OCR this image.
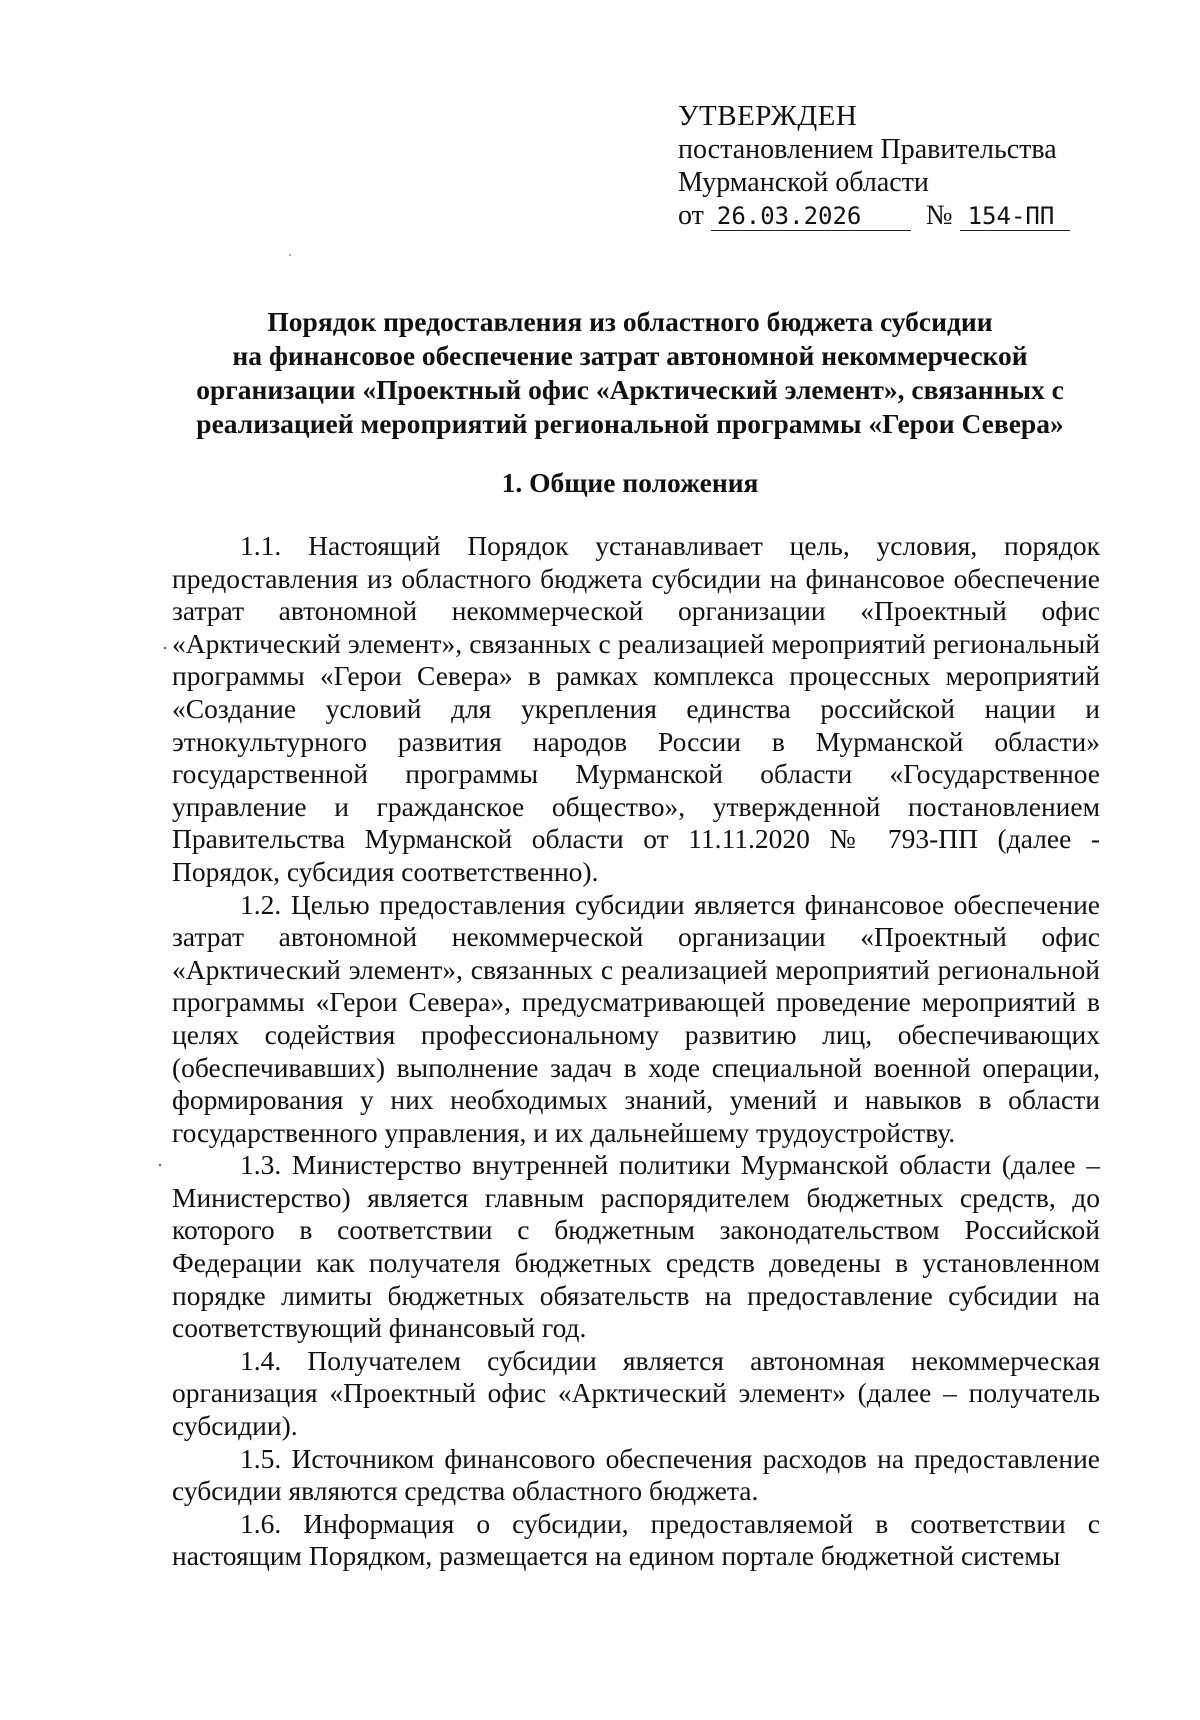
УТВЕРЖДЕН
постановлением Правительства
Мурманской области
от 26.03.2026 № 154-ПП
Порядок предоставления из областного бюджета субсидии
на финансовое обеспечение затрат автономной некоммерческой
организации «Проектный офис «Арктический элемент», связанных с
реализацией мероприятий региональной программы «Герои Севера»
1. Общие положения

1.1. Настоящий Порядок устанавливает цель, условия, порядок предоставления из областного бюджета субсидии на финансовое обеспечение затрат автономной некоммерческой организации «Проектный офис «Арктический элемент», связанных с реализацией мероприятий региональный программы «Герои Севера» в рамках комплекса процессных мероприятий «Создание условий для укрепления единства российской нации и этнокультурного развития народов России в Мурманской области» государственной программы Мурманской области «Государственное управление и гражданское общество», утвержденной постановлением Правительства Мурманской области от 11.11.2020 № 793-ПП (далее - Порядок, субсидия соответственно).

1.2. Целью предоставления субсидии является финансовое обеспечение затрат автономной некоммерческой организации «Проектный офис «Арктический элемент», связанных с реализацией мероприятий региональной программы «Герои Севера», предусматривающей проведение мероприятий в целях содействия профессиональному развитию лиц, обеспечивающих (обеспечивавших) выполнение задач в ходе специальной военной операции, формирования у них необходимых знаний, умений и навыков в области государственного управления, и их дальнейшему трудоустройству.

1.3. Министерство внутренней политики Мурманской области (далее – Министерство) является главным распорядителем бюджетных средств, до которого в соответствии с бюджетным законодательством Российской Федерации как получателя бюджетных средств доведены в установленном порядке лимиты бюджетных обязательств на предоставление субсидии на соответствующий финансовый год.

1.4. Получателем субсидии является автономная некоммерческая организация «Проектный офис «Арктический элемент» (далее – получатель субсидии).

1.5. Источником финансового обеспечения расходов на предоставление субсидии являются средства областного бюджета.

1.6. Информация о субсидии, предоставляемой в соответствии с настоящим Порядком, размещается на едином портале бюджетной системы
